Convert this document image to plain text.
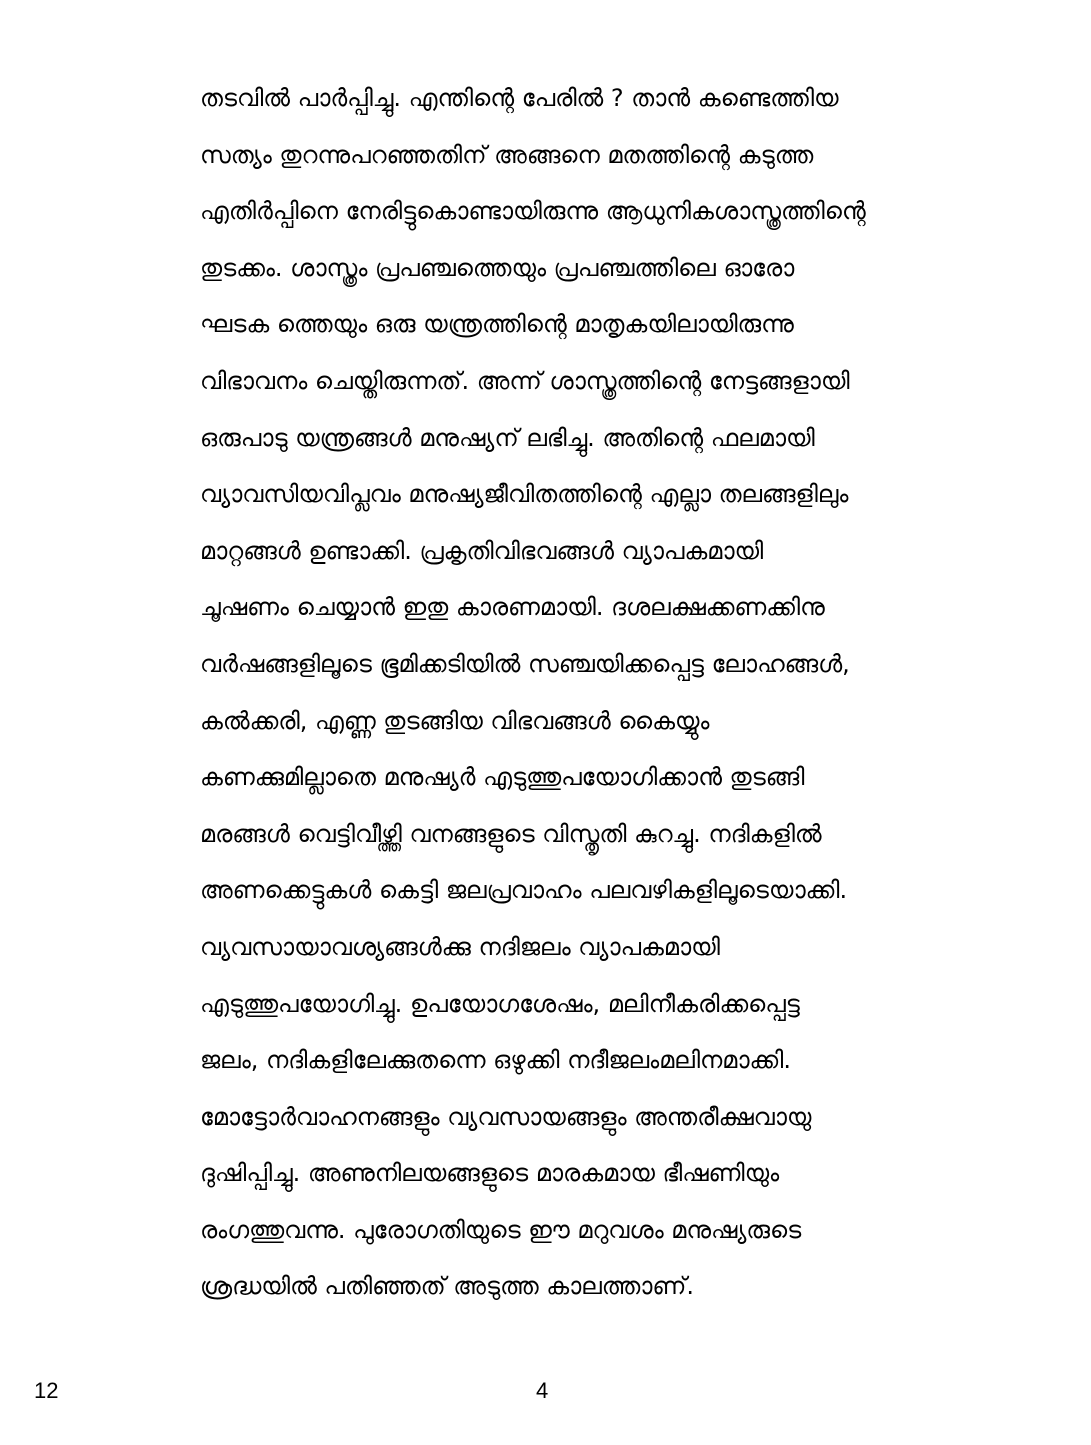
തടവിൽ പാർപ്പിച്ചു. എന്തിന്റെ പേരിൽ ? താൻ കണ്ടെത്തിയ
സത്യം തുറന്നുപറഞ്ഞതിന് അങ്ങനെ മതത്തിന്റെ കടുത്ത
എതിർപ്പിനെ നേരിട്ടുകൊണ്ടായിരുന്നു ആധുനികശാസ്ത്രത്തിന്റെ
തുടക്കം. ശാസ്ത്രം പ്രപഞ്ചത്തെയും പ്രപഞ്ചത്തിലെ ഓരോ
ഘടക ത്തെയും ഒരു യന്ത്രത്തിന്റെ മാതൃകയിലായിരുന്നു
വിഭാവനം ചെയ്തിരുന്നത്. അന്ന് ശാസ്ത്രത്തിന്റെ നേട്ടങ്ങളായി
ഒരുപാടു യന്ത്രങ്ങൾ മനുഷ്യന് ലഭിച്ചു. അതിന്റെ ഫലമായി
വ്യാവസിയവിപ്ലവം മനുഷ്യജീവിതത്തിന്റെ എല്ലാ തലങ്ങളിലും
മാറ്റങ്ങൾ ഉണ്ടാക്കി. പ്രകൃതിവിഭവങ്ങൾ വ്യാപകമായി
ചൂഷണം ചെയ്യാൻ ഇതു കാരണമായി. ദശലക്ഷക്കണക്കിനു
വർഷങ്ങളിലൂടെ ഭൂമിക്കടിയിൽ സഞ്ചയിക്കപ്പെട്ട ലോഹങ്ങൾ,
കൽക്കരി, എണ്ണ തുടങ്ങിയ വിഭവങ്ങൾ കൈയ്യും
കണക്കുമില്ലാതെ മനുഷ്യർ എടുത്തുപയോഗിക്കാൻ തുടങ്ങി
മരങ്ങൾ വെട്ടിവീഴ്ത്തി വനങ്ങളുടെ വിസ്തൃതി കുറച്ചു. നദികളിൽ
അണക്കെട്ടുകൾ കെട്ടി ജലപ്രവാഹം പലവഴികളിലൂടെയാക്കി.
വ്യവസായാവശ്യങ്ങൾക്കു നദിജലം വ്യാപകമായി
എടുത്തുപയോഗിച്ചു. ഉപയോഗശേഷം, മലിനീകരിക്കപ്പെട്ട
ജലം, നദികളിലേക്കുതന്നെ ഒഴുക്കി നദീജലംമലിനമാക്കി.
മോട്ടോർവാഹനങ്ങളും വ്യവസായങ്ങളും അന്തരീക്ഷവായു
ദുഷിപ്പിച്ചു. അണുനിലയങ്ങളുടെ മാരകമായ ഭീഷണിയും
രംഗത്തുവന്നു. പുരോഗതിയുടെ ഈ മറുവശം മനുഷ്യരുടെ
ശ്രദ്ധയിൽ പതിഞ്ഞത് അടുത്ത കാലത്താണ്.
12	4
